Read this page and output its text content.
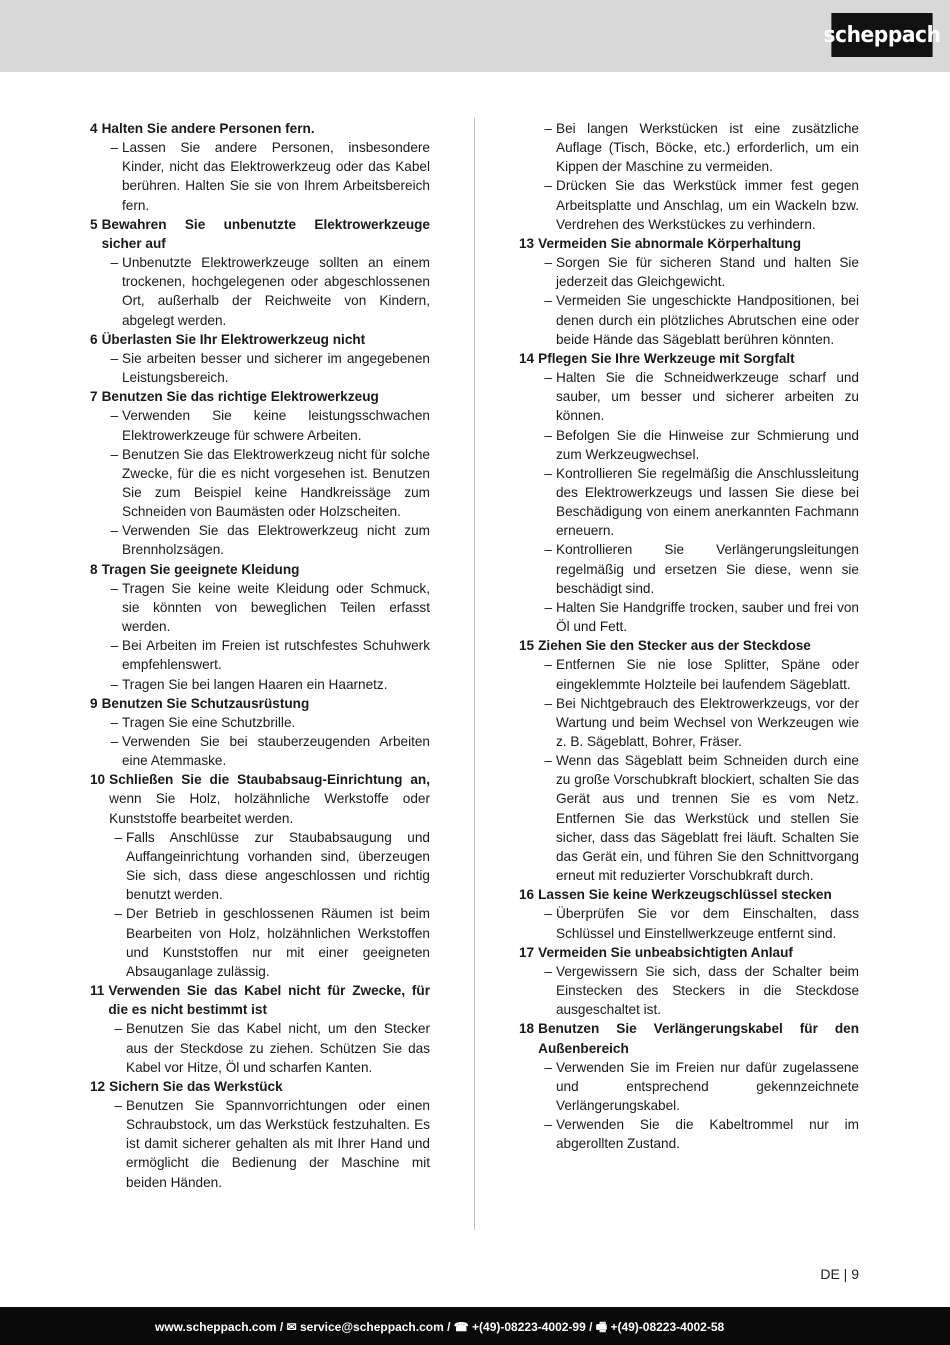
scheppach
4 Halten Sie andere Personen fern.
– Lassen Sie andere Personen, insbesondere Kinder, nicht das Elektrowerkzeug oder das Kabel berühren. Halten Sie sie von Ihrem Arbeitsbereich fern.
5 Bewahren Sie unbenutzte Elektrowerkzeuge sicher auf
– Unbenutzte Elektrowerkzeuge sollten an einem trockenen, hochgelegenen oder abgeschlossenen Ort, außerhalb der Reichweite von Kindern, abgelegt werden.
6 Überlasten Sie Ihr Elektrowerkzeug nicht
– Sie arbeiten besser und sicherer im angegebenen Leistungsbereich.
7 Benutzen Sie das richtige Elektrowerkzeug
– Verwenden Sie keine leistungsschwachen Elektrowerkzeuge für schwere Arbeiten.
– Benutzen Sie das Elektrowerkzeug nicht für solche Zwecke, für die es nicht vorgesehen ist. Benutzen Sie zum Beispiel keine Handkreissäge zum Schneiden von Baumästen oder Holzscheiten.
– Verwenden Sie das Elektrowerkzeug nicht zum Brennholzsägen.
8 Tragen Sie geeignete Kleidung
– Tragen Sie keine weite Kleidung oder Schmuck, sie könnten von beweglichen Teilen erfasst werden.
– Bei Arbeiten im Freien ist rutschfestes Schuhwerk empfehlenswert.
– Tragen Sie bei langen Haaren ein Haarnetz.
9 Benutzen Sie Schutzausrüstung
– Tragen Sie eine Schutzbrille.
– Verwenden Sie bei stauberzeugenden Arbeiten eine Atemmaske.
10 Schließen Sie die Staubabsaug-Einrichtung an, wenn Sie Holz, holzähnliche Werkstoffe oder Kunststoffe bearbeitet werden.
– Falls Anschlüsse zur Staubabsaugung und Auffangeinrichtung vorhanden sind, überzeugen Sie sich, dass diese angeschlossen und richtig benutzt werden.
– Der Betrieb in geschlossenen Räumen ist beim Bearbeiten von Holz, holzähnlichen Werkstoffen und Kunststoffen nur mit einer geeigneten Absauganlage zulässig.
11 Verwenden Sie das Kabel nicht für Zwecke, für die es nicht bestimmt ist
– Benutzen Sie das Kabel nicht, um den Stecker aus der Steckdose zu ziehen. Schützen Sie das Kabel vor Hitze, Öl und scharfen Kanten.
12 Sichern Sie das Werkstück
– Benutzen Sie Spannvorrichtungen oder einen Schraubstock, um das Werkstück festzuhalten. Es ist damit sicherer gehalten als mit Ihrer Hand und ermöglicht die Bedienung der Maschine mit beiden Händen.
– Bei langen Werkstücken ist eine zusätzliche Auflage (Tisch, Böcke, etc.) erforderlich, um ein Kippen der Maschine zu vermeiden.
– Drücken Sie das Werkstück immer fest gegen Arbeitsplatte und Anschlag, um ein Wackeln bzw. Verdrehen des Werkstückes zu verhindern.
13 Vermeiden Sie abnormale Körperhaltung
– Sorgen Sie für sicheren Stand und halten Sie jederzeit das Gleichgewicht.
– Vermeiden Sie ungeschickte Handpositionen, bei denen durch ein plötzliches Abrutschen eine oder beide Hände das Sägeblatt berühren könnten.
14 Pflegen Sie Ihre Werkzeuge mit Sorgfalt
– Halten Sie die Schneidwerkzeuge scharf und sauber, um besser und sicherer arbeiten zu können.
– Befolgen Sie die Hinweise zur Schmierung und zum Werkzeugwechsel.
– Kontrollieren Sie regelmäßig die Anschlussleitung des Elektrowerkzeugs und lassen Sie diese bei Beschädigung von einem anerkannten Fachmann erneuern.
– Kontrollieren Sie Verlängerungsleitungen regelmäßig und ersetzen Sie diese, wenn sie beschädigt sind.
– Halten Sie Handgriffe trocken, sauber und frei von Öl und Fett.
15 Ziehen Sie den Stecker aus der Steckdose
– Entfernen Sie nie lose Splitter, Späne oder eingeklemmte Holzteile bei laufendem Sägeblatt.
– Bei Nichtgebrauch des Elektrowerkzeugs, vor der Wartung und beim Wechsel von Werkzeugen wie z. B. Sägeblatt, Bohrer, Fräser.
– Wenn das Sägeblatt beim Schneiden durch eine zu große Vorschubkraft blockiert, schalten Sie das Gerät aus und trennen Sie es vom Netz. Entfernen Sie das Werkstück und stellen Sie sicher, dass das Sägeblatt frei läuft. Schalten Sie das Gerät ein, und führen Sie den Schnittvorgang erneut mit reduzierter Vorschubkraft durch.
16 Lassen Sie keine Werkzeugschlüssel stecken
– Überprüfen Sie vor dem Einschalten, dass Schlüssel und Einstellwerkzeuge entfernt sind.
17 Vermeiden Sie unbeabsichtigten Anlauf
– Vergewissern Sie sich, dass der Schalter beim Einstecken des Steckers in die Steckdose ausgeschaltet ist.
18 Benutzen Sie Verlängerungskabel für den Außenbereich
– Verwenden Sie im Freien nur dafür zugelassene und entsprechend gekennzeichnete Verlängerungskabel.
– Verwenden Sie die Kabeltrommel nur im abgerollten Zustand.
DE | 9
www.scheppach.com / ✉ service@scheppach.com / ☎ +(49)-08223-4002-99 / 🖷 +(49)-08223-4002-58
